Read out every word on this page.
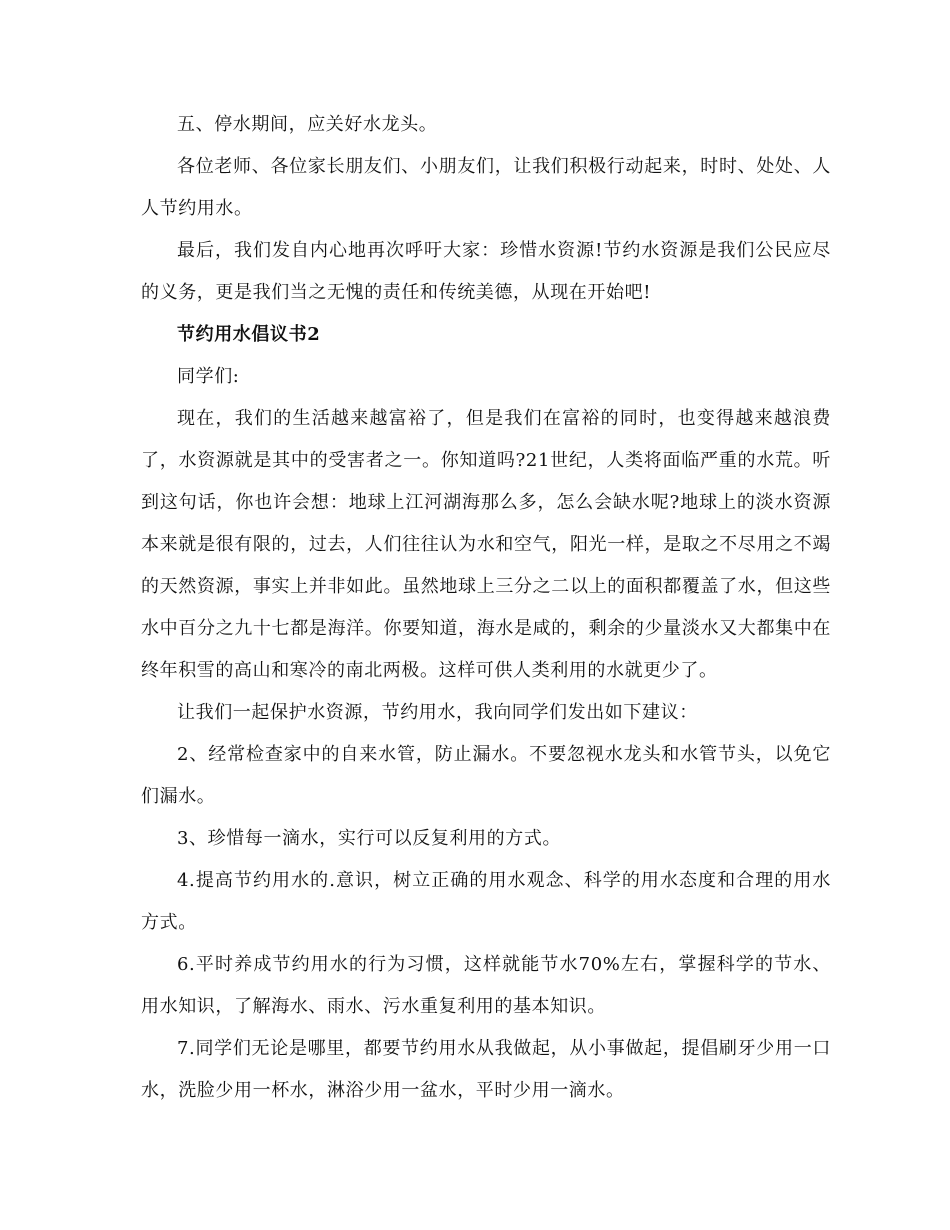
五、停水期间，应关好水龙头。

各位老师、各位家长朋友们、小朋友们，让我们积极行动起来，时时、处处、人人节约用水。

最后，我们发自内心地再次呼吁大家：珍惜水资源!节约水资源是我们公民应尽的义务，更是我们当之无愧的责任和传统美德，从现在开始吧!

节约用水倡议书2

同学们:

现在，我们的生活越来越富裕了，但是我们在富裕的同时，也变得越来越浪费了，水资源就是其中的受害者之一。你知道吗?21世纪，人类将面临严重的水荒。听到这句话，你也许会想：地球上江河湖海那么多，怎么会缺水呢?地球上的淡水资源本来就是很有限的，过去，人们往往认为水和空气，阳光一样，是取之不尽用之不竭的天然资源，事实上并非如此。虽然地球上三分之二以上的面积都覆盖了水，但这些水中百分之九十七都是海洋。你要知道，海水是咸的，剩余的少量淡水又大都集中在终年积雪的高山和寒冷的南北两极。这样可供人类利用的水就更少了。

让我们一起保护水资源，节约用水，我向同学们发出如下建议：

2、经常检查家中的自来水管，防止漏水。不要忽视水龙头和水管节头，以免它们漏水。

3、珍惜每一滴水，实行可以反复利用的方式。

4.提高节约用水的.意识，树立正确的用水观念、科学的用水态度和合理的用水方式。

6.平时养成节约用水的行为习惯，这样就能节水70%左右，掌握科学的节水、用水知识，了解海水、雨水、污水重复利用的基本知识。

7.同学们无论是哪里，都要节约用水从我做起，从小事做起，提倡刷牙少用一口水，洗脸少用一杯水，淋浴少用一盆水，平时少用一滴水。
